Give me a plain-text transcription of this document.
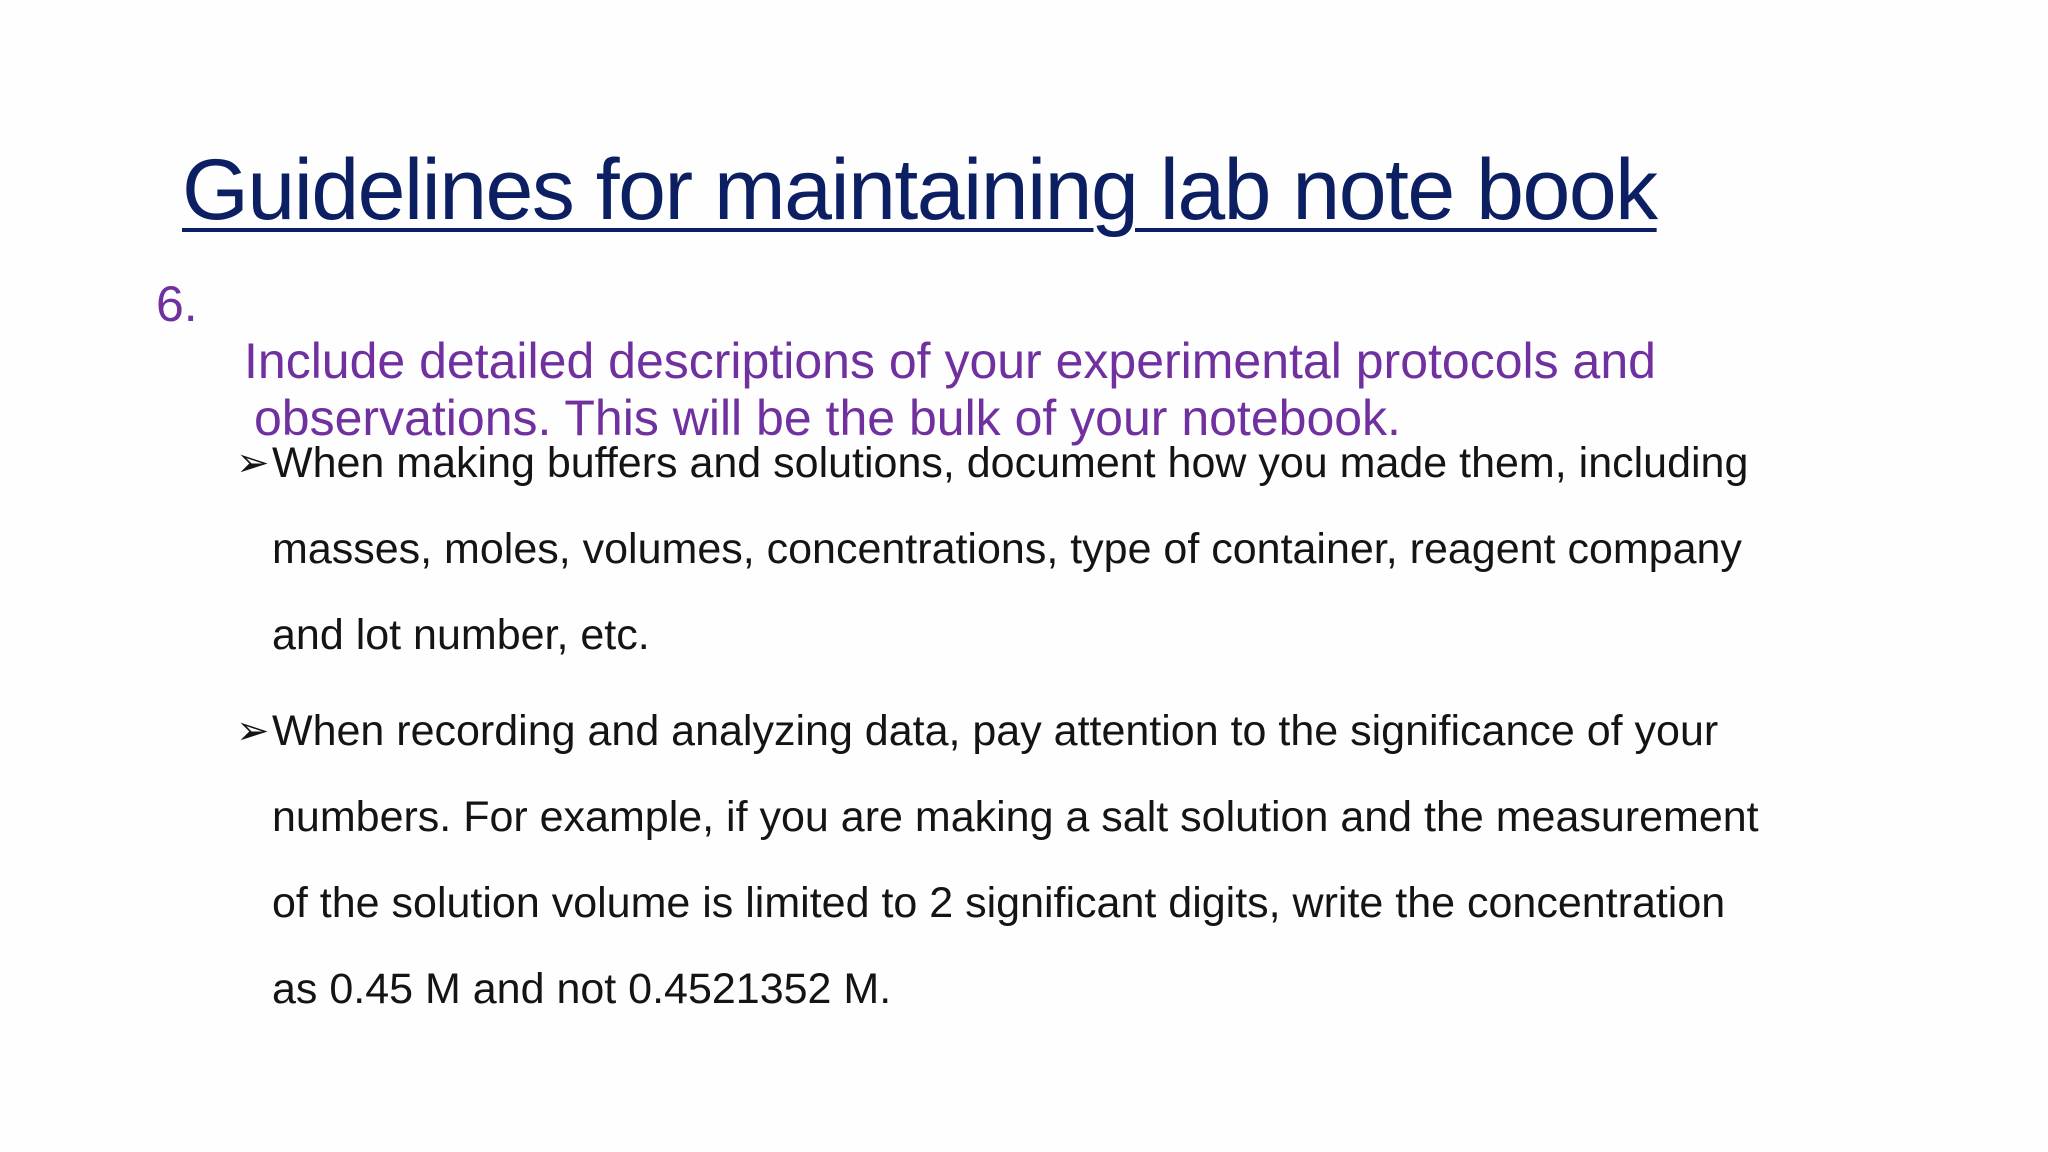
Guidelines for maintaining lab note book
6.

Include detailed descriptions of your experimental protocols and

observations. This will be the bulk of your notebook.

➢ When making buffers and solutions, document how you made them, including
masses, moles, volumes, concentrations, type of container, reagent company
and lot number, etc.
➢ When recording and analyzing data, pay attention to the significance of your
numbers. For example, if you are making a salt solution and the measurement
of the solution volume is limited to 2 significant digits, write the concentration
as 0.45 M and not 0.4521352 M.
